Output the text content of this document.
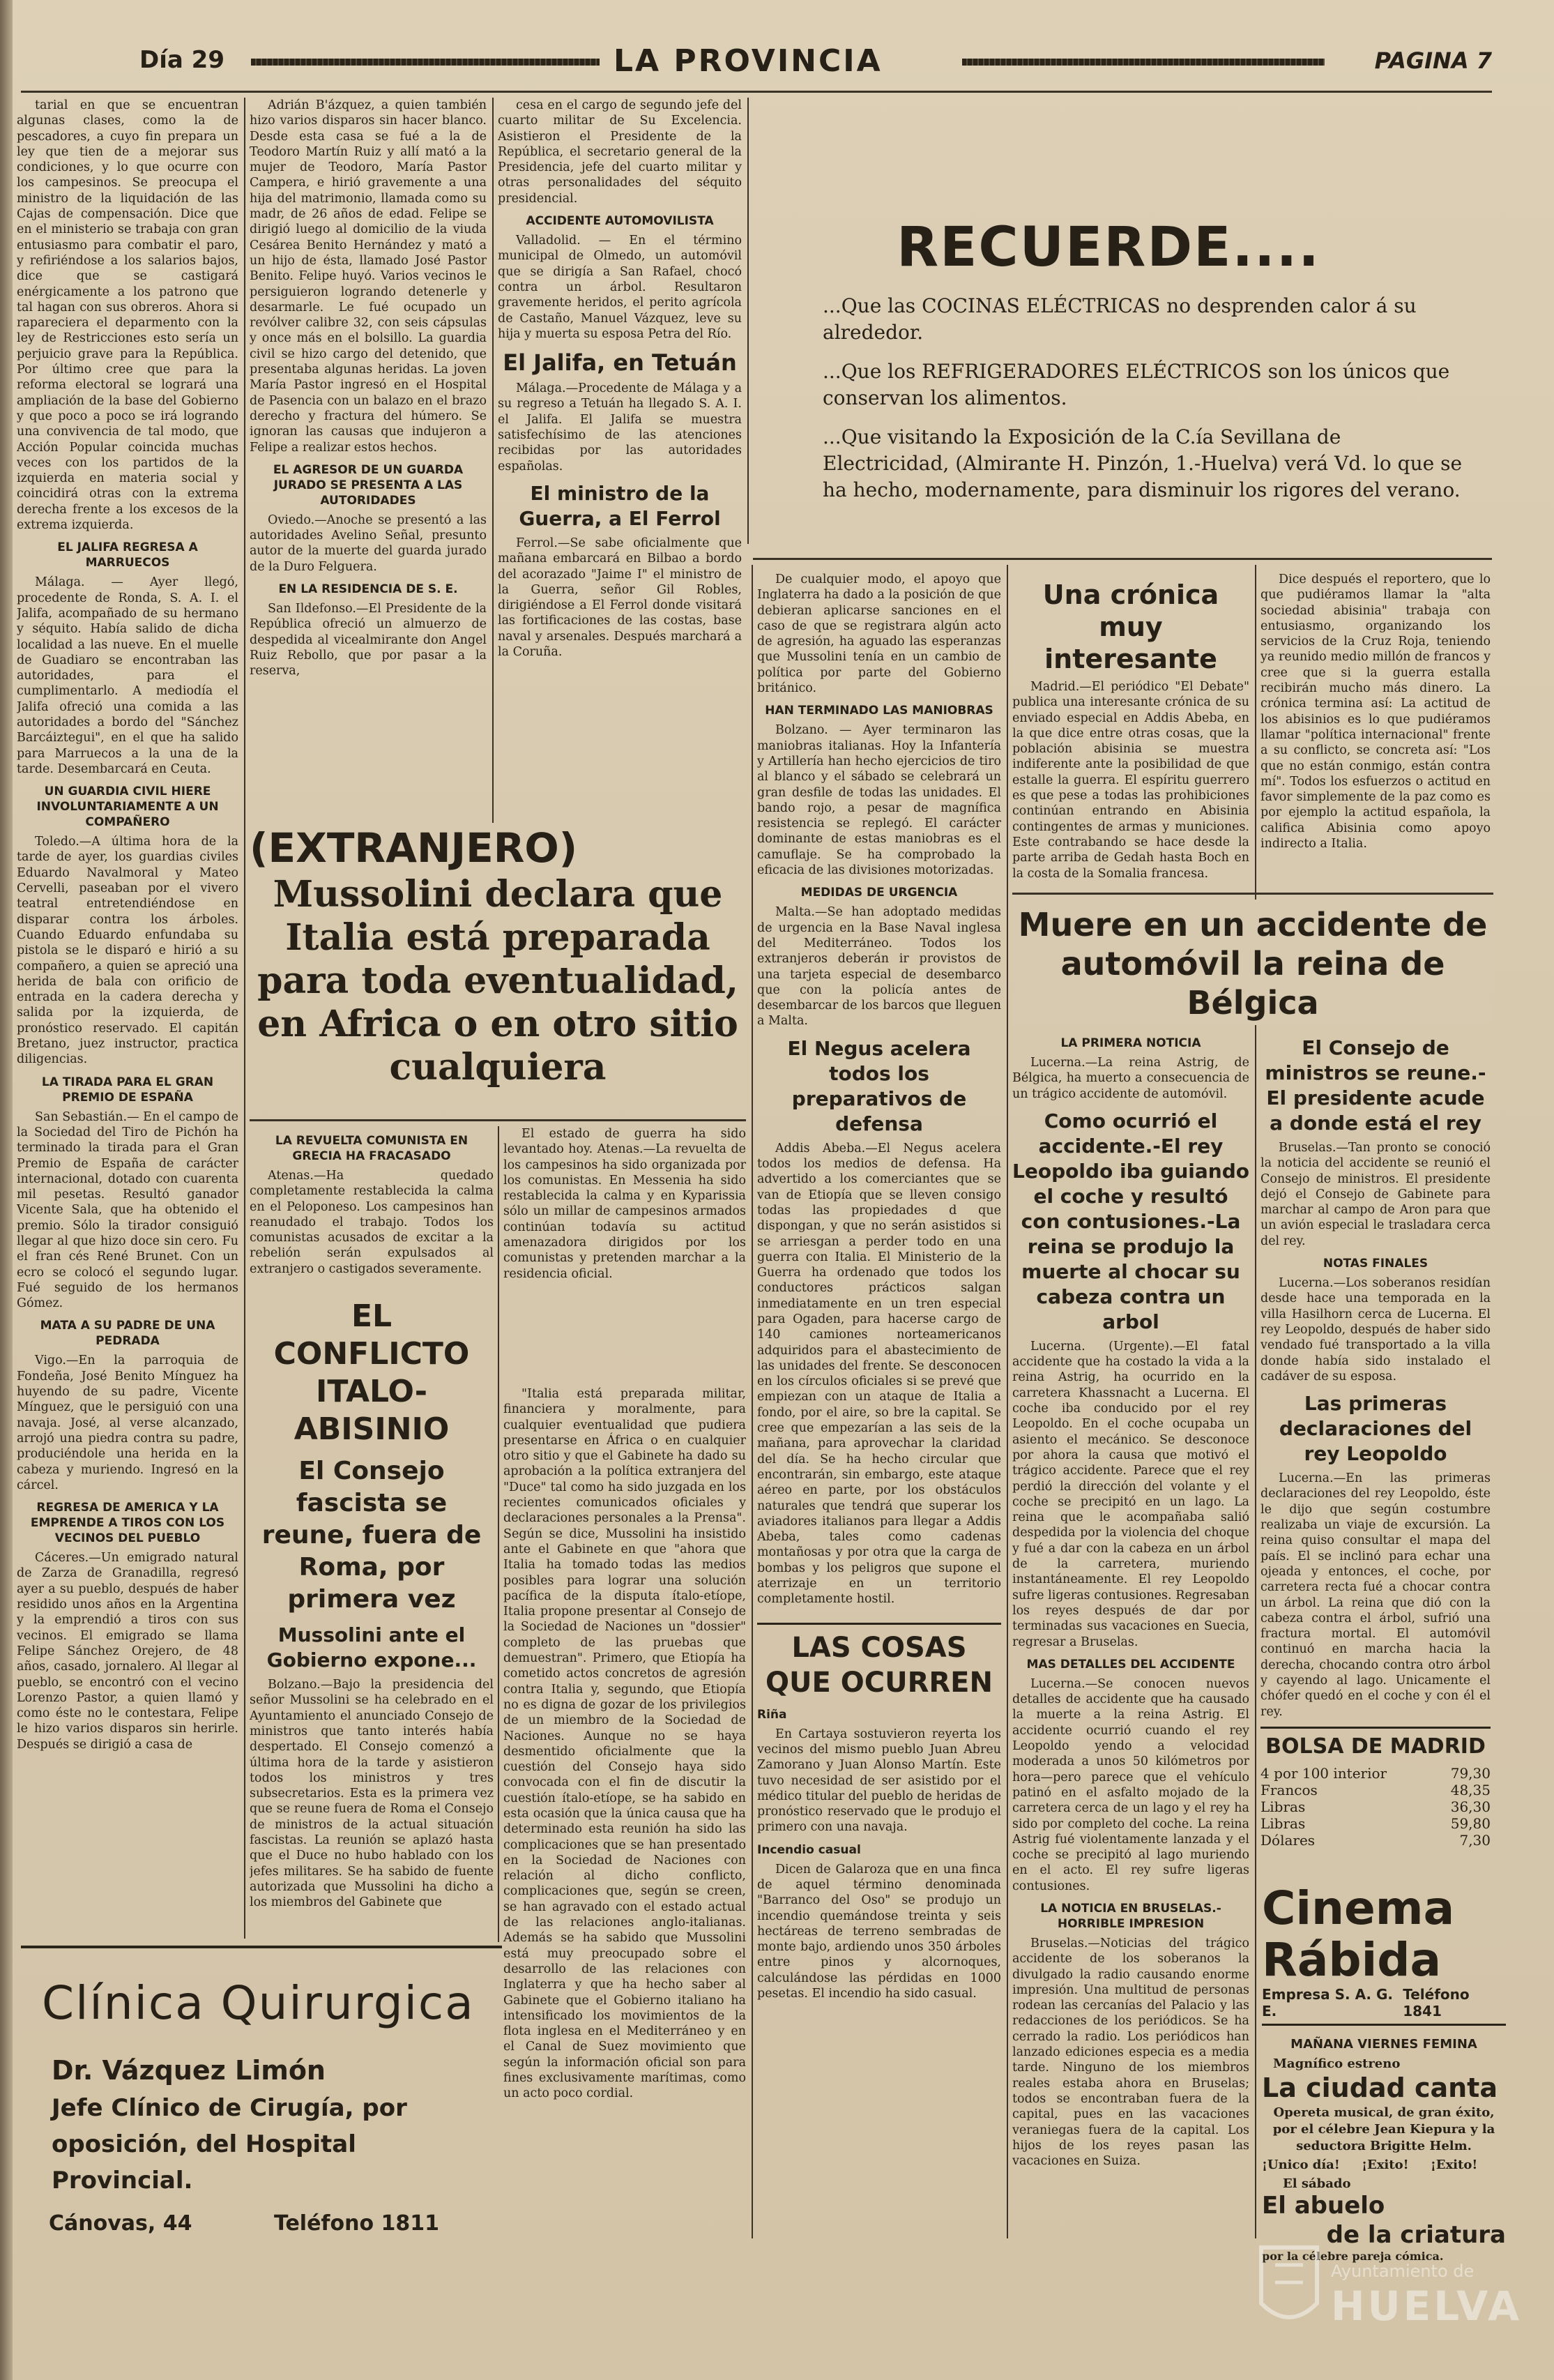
Día 29	LA PROVINCIA	PAGINA 7
tarial en que se encuentran algunas clases, como la de pescadores, a cuyo fin prepara un ley que tien de a mejorar sus condiciones, y lo que ocurre con los campesinos. Se preocupa el ministro de la liquidación de las Cajas de compensación. Dice que en el ministerio se trabaja con gran entusiasmo para combatir el paro, y refiriéndose a los salarios bajos, dice que se castigará enérgicamente a los patrono que tal hagan con sus obreros. Ahora si rapareciera el deparmento con la ley de Restricciones esto sería un perjuicio grave para la República. Por último cree que para la reforma electoral se logrará una ampliación de la base del Gobierno y que poco a poco se irá logrando una convivencia de tal modo, que Acción Popular coincida muchas veces con los partidos de la izquierda en materia social y coincidirá otras con la extrema derecha frente a los excesos de la extrema izquierda.
EL JALIFA REGRESA A MARRUECOS
Málaga. — Ayer llegó, procedente de Ronda, S. A. I. el Jalifa, acompañado de su hermano y séquito. Había salido de dicha localidad a las nueve. En el muelle de Guadiaro se encontraban las autoridades, para el cumplimentarlo. A mediodía el Jalifa ofreció una comida a las autoridades a bordo del "Sánchez Barcáiztegui", en el que ha salido para Marruecos a la una de la tarde. Desembarcará en Ceuta.
UN GUARDIA CIVIL HIERE INVOLUNTARIAMENTE A UN COMPAÑERO
Toledo.—A última hora de la tarde de ayer, los guardias civiles Eduardo Navalmoral y Mateo Cervelli, paseaban por el vivero teatral entretendiéndose en disparar contra los árboles. Cuando Eduardo enfundaba su pistola se le disparó e hirió a su compañero, a quien se apreció una herida de bala con orificio de entrada en la cadera derecha y salida por la izquierda, de pronóstico reservado. El capitán Bretano, juez instructor, practica diligencias.
LA TIRADA PARA EL GRAN PREMIO DE ESPAÑA
San Sebastián.— En el campo de la Sociedad del Tiro de Pichón ha terminado la tirada para el Gran Premio de España de carácter internacional, dotado con cuarenta mil pesetas. Resultó ganador Vicente Sala, que ha obtenido el premio. Sólo la tirador consiguió llegar al que hizo doce sin cero. Fu el fran cés René Brunet. Con un ecro se colocó el segundo lugar. Fué seguido de los hermanos Gómez.
MATA A SU PADRE DE UNA PEDRADA
Vigo.—En la parroquia de Fondeña, José Benito Mínguez ha huyendo de su padre, Vicente Mínguez, que le persiguió con una navaja. José, al verse alcanzado, arrojó una piedra contra su padre, produciéndole una herida en la cabeza y muriendo. Ingresó en la cárcel.
REGRESA DE AMERICA Y LA EMPRENDE A TIROS CON LOS VECINOS DEL PUEBLO
Cáceres.—Un emigrado natural de Zarza de Granadilla, regresó ayer a su pueblo, después de haber residido unos años en la Argentina y la emprendió a tiros con sus vecinos. El emigrado se llama Felipe Sánchez Orejero, de 48 años, casado, jornalero. Al llegar al pueblo, se encontró con el vecino Lorenzo Pastor, a quien llamó y como éste no le contestara, Felipe le hizo varios disparos sin herirle. Después se dirigió a casa de
Adrián B'ázquez, a quien también hizo varios disparos sin hacer blanco. Desde esta casa se fué a la de Teodoro Martín Ruiz y allí mató a la mujer de Teodoro, María Pastor Campera, e hirió gravemente a una hija del matrimonio, llamada como su madr, de 26 años de edad. Felipe se dirigió luego al domicilio de la viuda Cesárea Benito Hernández y mató a un hijo de ésta, llamado José Pastor Benito. Felipe huyó. Varios vecinos le persiguieron logrando detenerle y desarmarle. Le fué ocupado un revólver calibre 32, con seis cápsulas y once más en el bolsillo. La guardia civil se hizo cargo del detenido, que presentaba algunas heridas. La joven María Pastor ingresó en el Hospital de Pasencia con un balazo en el brazo derecho y fractura del húmero. Se ignoran las causas que indujeron a Felipe a realizar estos hechos.
EL AGRESOR DE UN GUARDA JURADO SE PRESENTA A LAS AUTORIDADES
Oviedo.—Anoche se presentó a las autoridades Avelino Señal, presunto autor de la muerte del guarda jurado de la Duro Felguera.
EN LA RESIDENCIA DE S. E.
San Ildefonso.—El Presidente de la República ofreció un almuerzo de despedida al vicealmirante don Angel Ruiz Rebollo, que por pasar a la reserva,
cesa en el cargo de segundo jefe del cuarto militar de Su Excelencia. Asistieron el Presidente de la República, el secretario general de la Presidencia, jefe del cuarto militar y otras personalidades del séquito presidencial.
ACCIDENTE AUTOMOVILISTA
Valladolid. — En el término municipal de Olmedo, un automóvil que se dirigía a San Rafael, chocó contra un árbol. Resultaron gravemente heridos, el perito agrícola de Castaño, Manuel Vázquez, leve su hija y muerta su esposa Petra del Río.
El Jalifa, en Tetuán
Málaga.—Procedente de Málaga y a su regreso a Tetuán ha llegado S. A. I. el Jalifa. El Jalifa se muestra satisfechísimo de las atenciones recibidas por las autoridades españolas.
El ministro de la Guerra, a El Ferrol
Ferrol.—Se sabe oficialmente que mañana embarcará en Bilbao a bordo del acorazado "Jaime I" el ministro de la Guerra, señor Gil Robles, dirigiéndose a El Ferrol donde visitará las fortificaciones de las costas, base naval y arsenales. Después marchará a la Coruña.
RECUERDE....
...Que las COCINAS ELÉCTRICAS no desprenden calor á su alrededor.
...Que los REFRIGERADORES ELÉCTRICOS son los únicos que conservan los alimentos.
...Que visitando la Exposición de la C.ía Sevillana de Electricidad, (Almirante H. Pinzón, 1.-Huelva) verá Vd. lo que se ha hecho, modernamente, para disminuir los rigores del verano.
(EXTRANJERO)
Mussolini declara que Italia está preparada para toda eventualidad, en Africa o en otro sitio cualquiera
LA REVUELTA COMUNISTA EN GRECIA HA FRACASADO
Atenas.—Ha quedado completamente restablecida la calma en el Peloponeso. Los campesinos han reanudado el trabajo. Todos los comunistas acusados de excitar a la rebelión serán expulsados al extranjero o castigados severamente.
EL CONFLICTO ITALO-ABISINIO
El Consejo fascista se reune, fuera de Roma, por primera vez
Mussolini ante el Gobierno expone...
Bolzano.—Bajo la presidencia del señor Mussolini se ha celebrado en el Ayuntamiento el anunciado Consejo de ministros que tanto interés había despertado. El Consejo comenzó a última hora de la tarde y asistieron todos los ministros y tres subsecretarios. Esta es la primera vez que se reune fuera de Roma el Consejo de ministros de la actual situación fascistas. La reunión se aplazó hasta que el Duce no hubo hablado con los jefes militares. Se ha sabido de fuente autorizada que Mussolini ha dicho a los miembros del Gabinete que
El estado de guerra ha sido levantado hoy. Atenas.—La revuelta de los campesinos ha sido organizada por los comunistas. En Messenia ha sido restablecida la calma y en Kyparissia sólo un millar de campesinos armados continúan todavía su actitud amenazadora dirigidos por los comunistas y pretenden marchar a la residencia oficial.
"Italia está preparada militar, financiera y moralmente, para cualquier eventualidad que pudiera presentarse en África o en cualquier otro sitio y que el Gabinete ha dado su aprobación a la política extranjera del "Duce" tal como ha sido juzgada en los recientes comunicados oficiales y declaraciones personales a la Prensa". Según se dice, Mussolini ha insistido ante el Gabinete en que "ahora que Italia ha tomado todas las medios posibles para lograr una solución pacífica de la disputa ítalo-etíope, Italia propone presentar al Consejo de la Sociedad de Naciones un "dossier" completo de las pruebas que demuestran". Primero, que Etiopía ha cometido actos concretos de agresión contra Italia y, segundo, que Etiopía no es digna de gozar de los privilegios de un miembro de la Sociedad de Naciones. Aunque no se haya desmentido oficialmente que la cuestión del Consejo haya sido convocada con el fin de discutir la cuestión ítalo-etíope, se ha sabido en esta ocasión que la única causa que ha determinado esta reunión ha sido las complicaciones que se han presentado en la Sociedad de Naciones con relación al dicho conflicto, complicaciones que, según se creen, se han agravado con el estado actual de las relaciones anglo-italianas. Además se ha sabido que Mussolini está muy preocupado sobre el desarrollo de las relaciones con Inglaterra y que ha hecho saber al Gabinete que el Gobierno italiano ha intensificado los movimientos de la flota inglesa en el Mediterráneo y en el Canal de Suez movimiento que según la información oficial son para fines exclusivamente marítimas, como un acto poco cordial.
De cualquier modo, el apoyo que Inglaterra ha dado a la posición de que debieran aplicarse sanciones en el caso de que se registrara algún acto de agresión, ha aguado las esperanzas que Mussolini tenía en un cambio de política por parte del Gobierno británico.
HAN TERMINADO LAS MANIOBRAS
Bolzano. — Ayer terminaron las maniobras italianas. Hoy la Infantería y Artillería han hecho ejercicios de tiro al blanco y el sábado se celebrará un gran desfile de todas las unidades. El bando rojo, a pesar de magnífica resistencia se replegó. El carácter dominante de estas maniobras es el camuflaje. Se ha comprobado la eficacia de las divisiones motorizadas.
MEDIDAS DE URGENCIA
Malta.—Se han adoptado medidas de urgencia en la Base Naval inglesa del Mediterráneo. Todos los extranjeros deberán ir provistos de una tarjeta especial de desembarco que con la policía antes de desembarcar de los barcos que lleguen a Malta.
El Negus acelera todos los preparativos de defensa
Addis Abeba.—El Negus acelera todos los medios de defensa. Ha advertido a los comerciantes que se van de Etiopía que se lleven consigo todas las propiedades d que dispongan, y que no serán asistidos si se arriesgan a perder todo en una guerra con Italia. El Ministerio de la Guerra ha ordenado que todos los conductores prácticos salgan inmediatamente en un tren especial para Ogaden, para hacerse cargo de 140 camiones norteamericanos adquiridos para el abastecimiento de las unidades del frente. Se desconocen en los círculos oficiales si se prevé que empiezan con un ataque de Italia a fondo, por el aire, so bre la capital. Se cree que empezarían a las seis de la mañana, para aprovechar la claridad del día. Se ha hecho circular que encontrarán, sin embargo, este ataque aéreo en parte, por los obstáculos naturales que tendrá que superar los aviadores italianos para llegar a Addis Abeba, tales como cadenas montañosas y por otra que la carga de bombas y los peligros que supone el aterrizaje en un territorio completamente hostil.
LAS COSAS QUE OCURREN
Riña
En Cartaya sostuvieron reyerta los vecinos del mismo pueblo Juan Abreu Zamorano y Juan Alonso Martín. Este tuvo necesidad de ser asistido por el médico titular del pueblo de heridas de pronóstico reservado que le produjo el primero con una navaja.
Incendio casual
Dicen de Galaroza que en una finca de aquel término denominada "Barranco del Oso" se produjo un incendio quemándose treinta y seis hectáreas de terreno sembradas de monte bajo, ardiendo unos 350 árboles entre pinos y alcornoques, calculándose las pérdidas en 1000 pesetas. El incendio ha sido casual.
Una crónica muy interesante
Madrid.—El periódico "El Debate" publica una interesante crónica de su enviado especial en Addis Abeba, en la que dice entre otras cosas, que la población abisinia se muestra indiferente ante la posibilidad de que estalle la guerra. El espíritu guerrero es que pese a todas las prohibiciones continúan entrando en Abisinia contingentes de armas y municiones. Este contrabando se hace desde la parte arriba de Gedah hasta Boch en la costa de la Somalia francesa.
Dice después el reportero, que lo que pudiéramos llamar la "alta sociedad abisinia" trabaja con entusiasmo, organizando los servicios de la Cruz Roja, teniendo ya reunido medio millón de francos y cree que si la guerra estalla recibirán mucho más dinero. La crónica termina así: La actitud de los abisinios es lo que pudiéramos llamar "política internacional" frente a su conflicto, se concreta así: "Los que no están conmigo, están contra mí". Todos los esfuerzos o actitud en favor simplemente de la paz como es por ejemplo la actitud española, la califica Abisinia como apoyo indirecto a Italia.
Muere en un accidente de automóvil la reina de Bélgica
LA PRIMERA NOTICIA
Lucerna.—La reina Astrig, de Bélgica, ha muerto a consecuencia de un trágico accidente de automóvil.
Como ocurrió el accidente.-El rey Leopoldo iba guiando el coche y resultó con contusiones.-La reina se produjo la muerte al chocar su cabeza contra un arbol
Lucerna. (Urgente).—El fatal accidente que ha costado la vida a la reina Astrig, ha ocurrido en la carretera Khassnacht a Lucerna. El coche iba conducido por el rey Leopoldo. En el coche ocupaba un asiento el mecánico. Se desconoce por ahora la causa que motivó el trágico accidente. Parece que el rey perdió la dirección del volante y el coche se precipitó en un lago. La reina que le acompañaba salió despedida por la violencia del choque y fué a dar con la cabeza en un árbol de la carretera, muriendo instantáneamente. El rey Leopoldo sufre ligeras contusiones. Regresaban los reyes después de dar por terminadas sus vacaciones en Suecia, regresar a Bruselas.
MAS DETALLES DEL ACCIDENTE
Lucerna.—Se conocen nuevos detalles de accidente que ha causado la muerte a la reina Astrig. El accidente ocurrió cuando el rey Leopoldo yendo a velocidad moderada a unos 50 kilómetros por hora—pero parece que el vehículo patinó en el asfalto mojado de la carretera cerca de un lago y el rey ha sido por completo del coche. La reina Astrig fué violentamente lanzada y el coche se precipitó al lago muriendo en el acto. El rey sufre ligeras contusiones.
LA NOTICIA EN BRUSELAS.-HORRIBLE IMPRESION
Bruselas.—Noticias del trágico accidente de los soberanos la divulgado la radio causando enorme impresión. Una multitud de personas rodean las cercanías del Palacio y las redacciones de los periódicos. Se ha cerrado la radio. Los periódicos han lanzado ediciones especia es a media tarde. Ninguno de los miembros reales estaba ahora en Bruselas; todos se encontraban fuera de la capital, pues en las vacaciones veraniegas fuera de la capital. Los hijos de los reyes pasan las vacaciones en Suiza.
El Consejo de ministros se reune.-El presidente acude a donde está el rey
Bruselas.—Tan pronto se conoció la noticia del accidente se reunió el Consejo de ministros. El presidente dejó el Consejo de Gabinete para marchar al campo de Aron para que un avión especial le trasladara cerca del rey.
NOTAS FINALES
Lucerna.—Los soberanos residían desde hace una temporada en la villa Hasilhorn cerca de Lucerna. El rey Leopoldo, después de haber sido vendado fué transportado a la villa donde había sido instalado el cadáver de su esposa.
Las primeras declaraciones del rey Leopoldo
Lucerna.—En las primeras declaraciones del rey Leopoldo, éste le dijo que según costumbre realizaba un viaje de excursión. La reina quiso consultar el mapa del país. El se inclinó para echar una ojeada y entonces, el coche, por carretera recta fué a chocar contra un árbol. La reina que dió con la cabeza contra el árbol, sufrió una fractura mortal. El automóvil continuó en marcha hacia la derecha, chocando contra otro árbol y cayendo al lago. Unicamente el chófer quedó en el coche y con él el rey.
BOLSA DE MADRID
4 por 100 interior	79,30
Francos	48,35
Libras	36,30
Libras	59,80
Dólares	7,30
Cinema Rábida
Empresa S. A. G. E.
Teléfono 1841
MAÑANA VIERNES FEMINA
Magnífico estreno
La ciudad canta
Opereta musical, de gran éxito, por el célebre Jean Kiepura y la seductora Brigitte Helm.
¡Unico día!     ¡Exito!     ¡Exito!
El sábado
El abuelo
de la criatura
por la célebre pareja cómica.
Clínica Quirurgica
Dr. Vázquez Limón
Jefe Clínico de Cirugía, por oposición, del Hospital Provincial.
Cánovas, 44	Teléfono 1811
Ayuntamiento de
HUELVA
